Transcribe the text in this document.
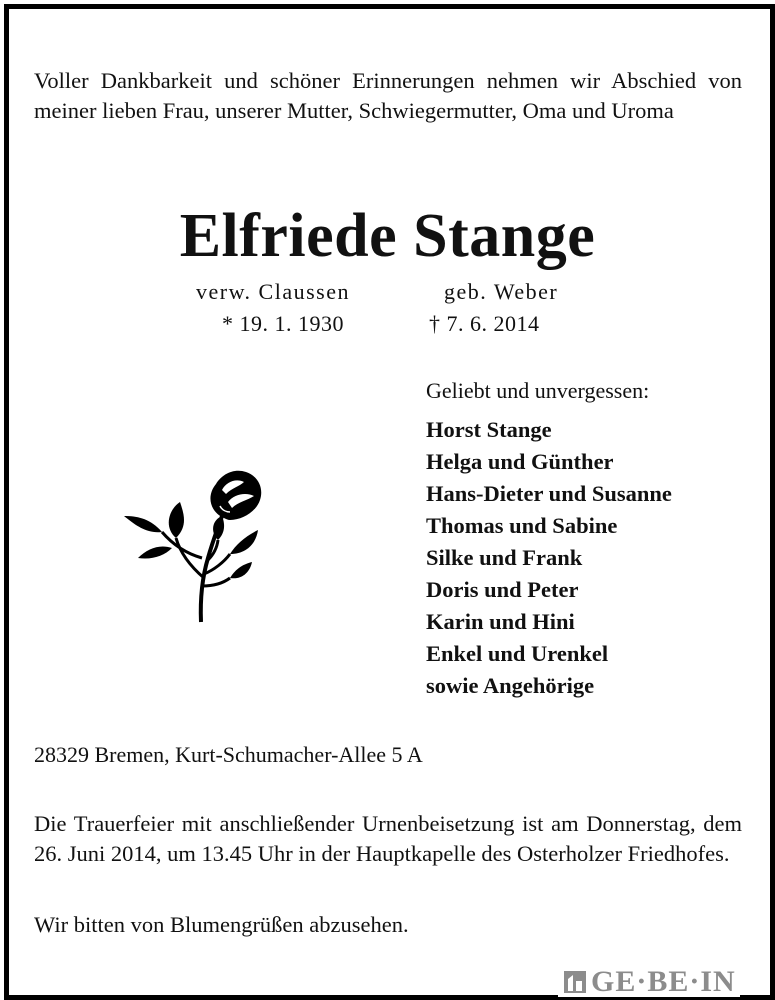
Voller Dankbarkeit und schöner Erinnerungen nehmen wir Abschied von meiner lieben Frau, unserer Mutter, Schwiegermutter, Oma und Uroma
Elfriede Stange
verw. Claussen	geb. Weber
* 19. 1. 1930	† 7. 6. 2014
Geliebt und unvergessen:
Horst Stange
Helga und Günther
Hans-Dieter und Susanne
Thomas und Sabine
Silke und Frank
Doris und Peter
Karin und Hini
Enkel und Urenkel
sowie Angehörige
28329 Bremen, Kurt-Schumacher-Allee 5 A
Die Trauerfeier mit anschließender Urnenbeisetzung ist am Donnerstag, dem 26. Juni 2014, um 13.45 Uhr in der Hauptkapelle des Osterholzer Friedhofes.
Wir bitten von Blumengrüßen abzusehen.
GE·BE·IN
